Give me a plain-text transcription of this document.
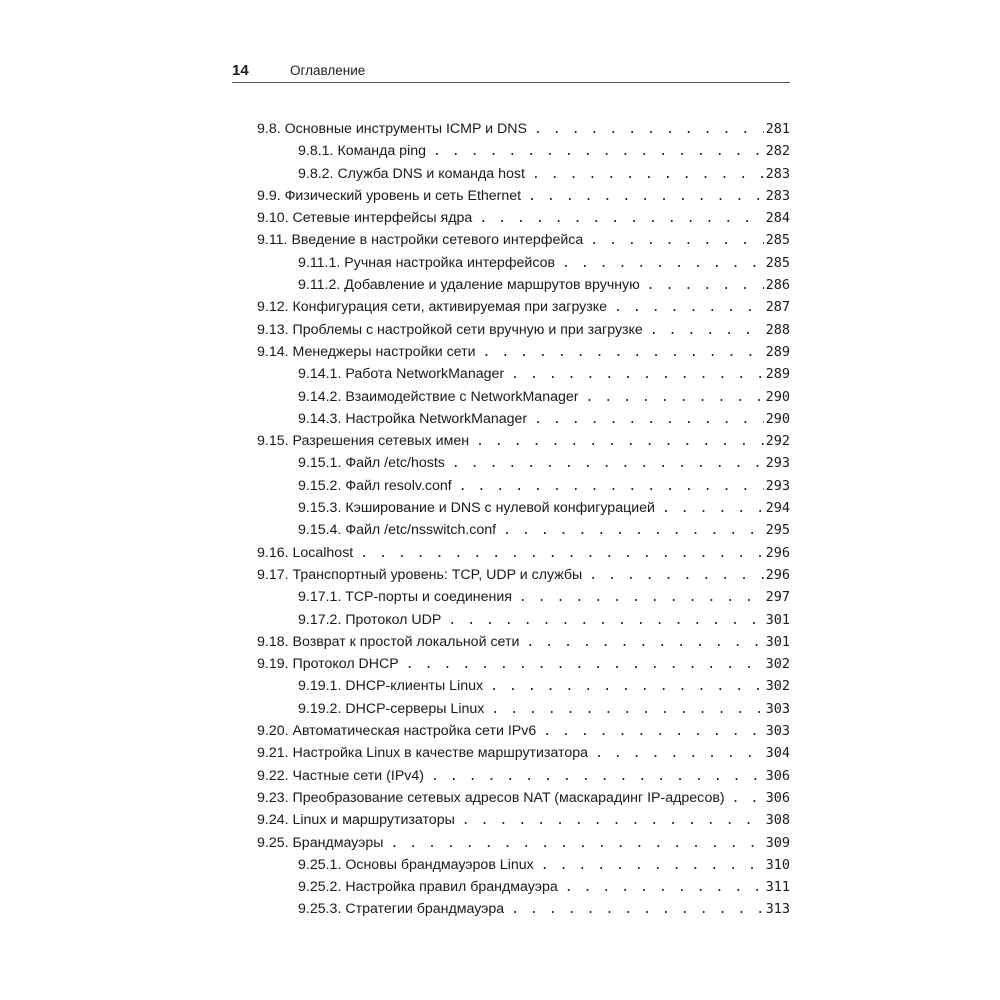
14	Оглавление
9.8. Основные инструменты ICMP и DNS . . .	281
9.8.1. Команда ping . . .	282
9.8.2. Служба DNS и команда host . . .	283
9.9. Физический уровень и сеть Ethernet . . .	283
9.10. Сетевые интерфейсы ядра . . .	284
9.11. Введение в настройки сетевого интерфейса . . .	285
9.11.1. Ручная настройка интерфейсов . . .	285
9.11.2. Добавление и удаление маршрутов вручную . . .	286
9.12. Конфигурация сети, активируемая при загрузке . . .	287
9.13. Проблемы с настройкой сети вручную и при загрузке . . .	288
9.14. Менеджеры настройки сети . . .	289
9.14.1. Работа NetworkManager . . .	289
9.14.2. Взаимодействие с NetworkManager . . .	290
9.14.3. Настройка NetworkManager . . .	290
9.15. Разрешения сетевых имен . . .	292
9.15.1. Файл /etc/hosts . . .	293
9.15.2. Файл resolv.conf . . .	293
9.15.3. Кэширование и DNS с нулевой конфигурацией . . .	294
9.15.4. Файл /etc/nsswitch.conf . . .	295
9.16. Localhost . . .	296
9.17. Транспортный уровень: TCP, UDP и службы . . .	296
9.17.1. TCP-порты и соединения . . .	297
9.17.2. Протокол UDP . . .	301
9.18. Возврат к простой локальной сети . . .	301
9.19. Протокол DHCP . . .	302
9.19.1. DHCP-клиенты Linux . . .	302
9.19.2. DHCP-серверы Linux . . .	303
9.20. Автоматическая настройка сети IPv6 . . .	303
9.21. Настройка Linux в качестве маршрутизатора . . .	304
9.22. Частные сети (IPv4) . . .	306
9.23. Преобразование сетевых адресов NAT (маскарадинг IP-адресов) . . .	306
9.24. Linux и маршрутизаторы . . .	308
9.25. Брандмауэры . . .	309
9.25.1. Основы брандмауэров Linux . . .	310
9.25.2. Настройка правил брандмауэра . . .	311
9.25.3. Стратегии брандмауэра . . .	313
